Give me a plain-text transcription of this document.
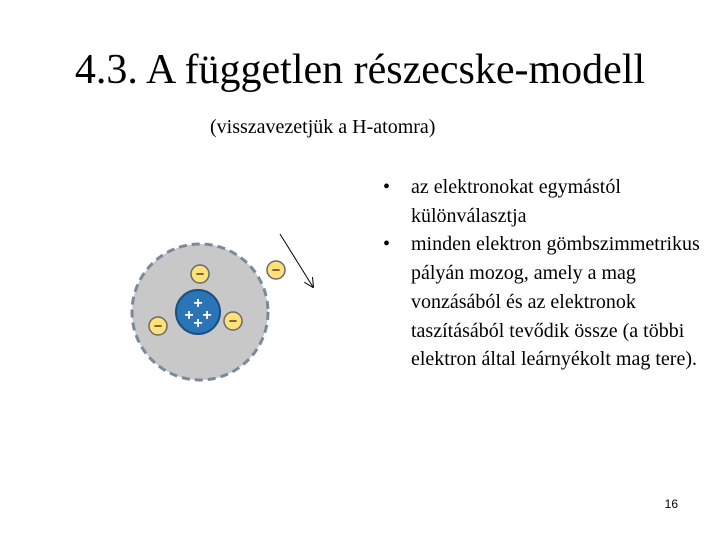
4.3. A független részecske-modell
(visszavezetjük a H-atomra)
+
+ +
+
−
−	−
−
• az elektronokat egymástól különválasztja
• minden elektron gömbszimmetrikus pályán mozog, amely a mag vonzásából és az elektronok taszításából tevődik össze (a többi elektron által leárnyékolt mag tere).
16
